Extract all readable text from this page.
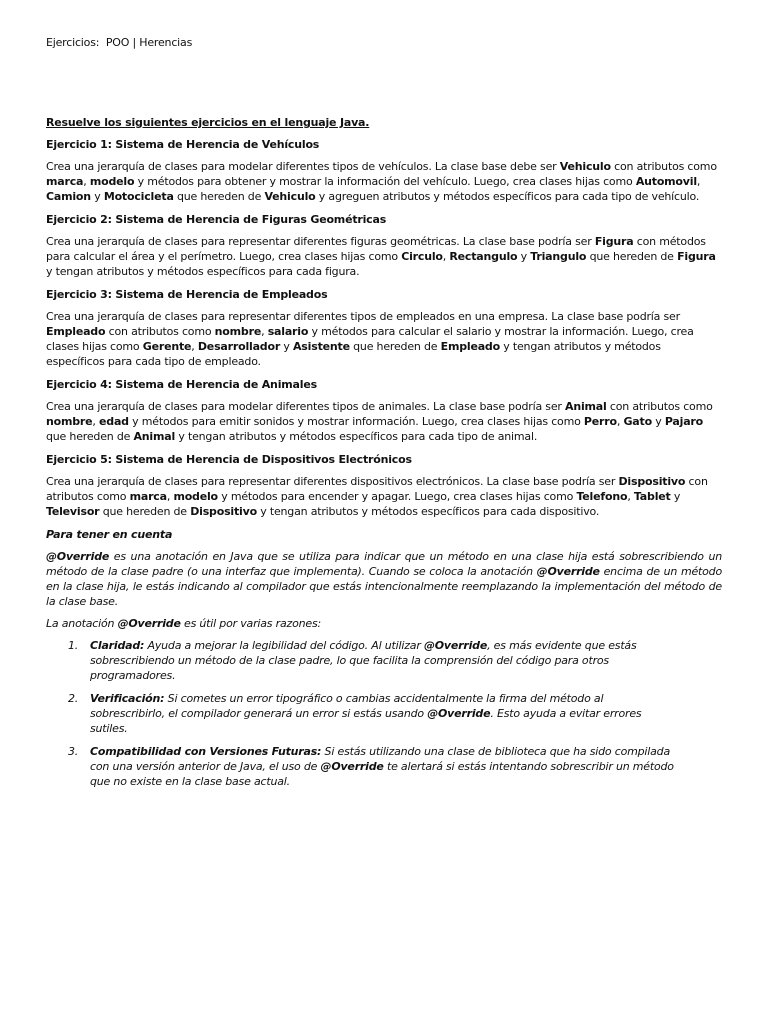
Ejercicios:  POO | Herencias
Resuelve los siguientes ejercicios en el lenguaje Java.
Ejercicio 1: Sistema de Herencia de Vehículos
Crea una jerarquía de clases para modelar diferentes tipos de vehículos. La clase base debe ser Vehiculo con atributos como marca, modelo y métodos para obtener y mostrar la información del vehículo. Luego, crea clases hijas como Automovil, Camion y Motocicleta que hereden de Vehiculo y agreguen atributos y métodos específicos para cada tipo de vehículo.
Ejercicio 2: Sistema de Herencia de Figuras Geométricas
Crea una jerarquía de clases para representar diferentes figuras geométricas. La clase base podría ser Figura con métodos para calcular el área y el perímetro. Luego, crea clases hijas como Circulo, Rectangulo y Triangulo que hereden de Figura y tengan atributos y métodos específicos para cada figura.
Ejercicio 3: Sistema de Herencia de Empleados
Crea una jerarquía de clases para representar diferentes tipos de empleados en una empresa. La clase base podría ser Empleado con atributos como nombre, salario y métodos para calcular el salario y mostrar la información. Luego, crea clases hijas como Gerente, Desarrollador y Asistente que hereden de Empleado y tengan atributos y métodos específicos para cada tipo de empleado.
Ejercicio 4: Sistema de Herencia de Animales
Crea una jerarquía de clases para modelar diferentes tipos de animales. La clase base podría ser Animal con atributos como nombre, edad y métodos para emitir sonidos y mostrar información. Luego, crea clases hijas como Perro, Gato y Pajaro que hereden de Animal y tengan atributos y métodos específicos para cada tipo de animal.
Ejercicio 5: Sistema de Herencia de Dispositivos Electrónicos
Crea una jerarquía de clases para representar diferentes dispositivos electrónicos. La clase base podría ser Dispositivo con atributos como marca, modelo y métodos para encender y apagar. Luego, crea clases hijas como Telefono, Tablet y Televisor que hereden de Dispositivo y tengan atributos y métodos específicos para cada dispositivo.
Para tener en cuenta
@Override es una anotación en Java que se utiliza para indicar que un método en una clase hija está sobrescribiendo un método de la clase padre (o una interfaz que implementa). Cuando se coloca la anotación @Override encima de un método en la clase hija, le estás indicando al compilador que estás intencionalmente reemplazando la implementación del método de la clase base.
La anotación @Override es útil por varias razones:
1. Claridad: Ayuda a mejorar la legibilidad del código. Al utilizar @Override, es más evidente que estás sobrescribiendo un método de la clase padre, lo que facilita la comprensión del código para otros programadores.
2. Verificación: Si cometes un error tipográfico o cambias accidentalmente la firma del método al sobrescribirlo, el compilador generará un error si estás usando @Override. Esto ayuda a evitar errores sutiles.
3. Compatibilidad con Versiones Futuras: Si estás utilizando una clase de biblioteca que ha sido compilada con una versión anterior de Java, el uso de @Override te alertará si estás intentando sobrescribir un método que no existe en la clase base actual.
